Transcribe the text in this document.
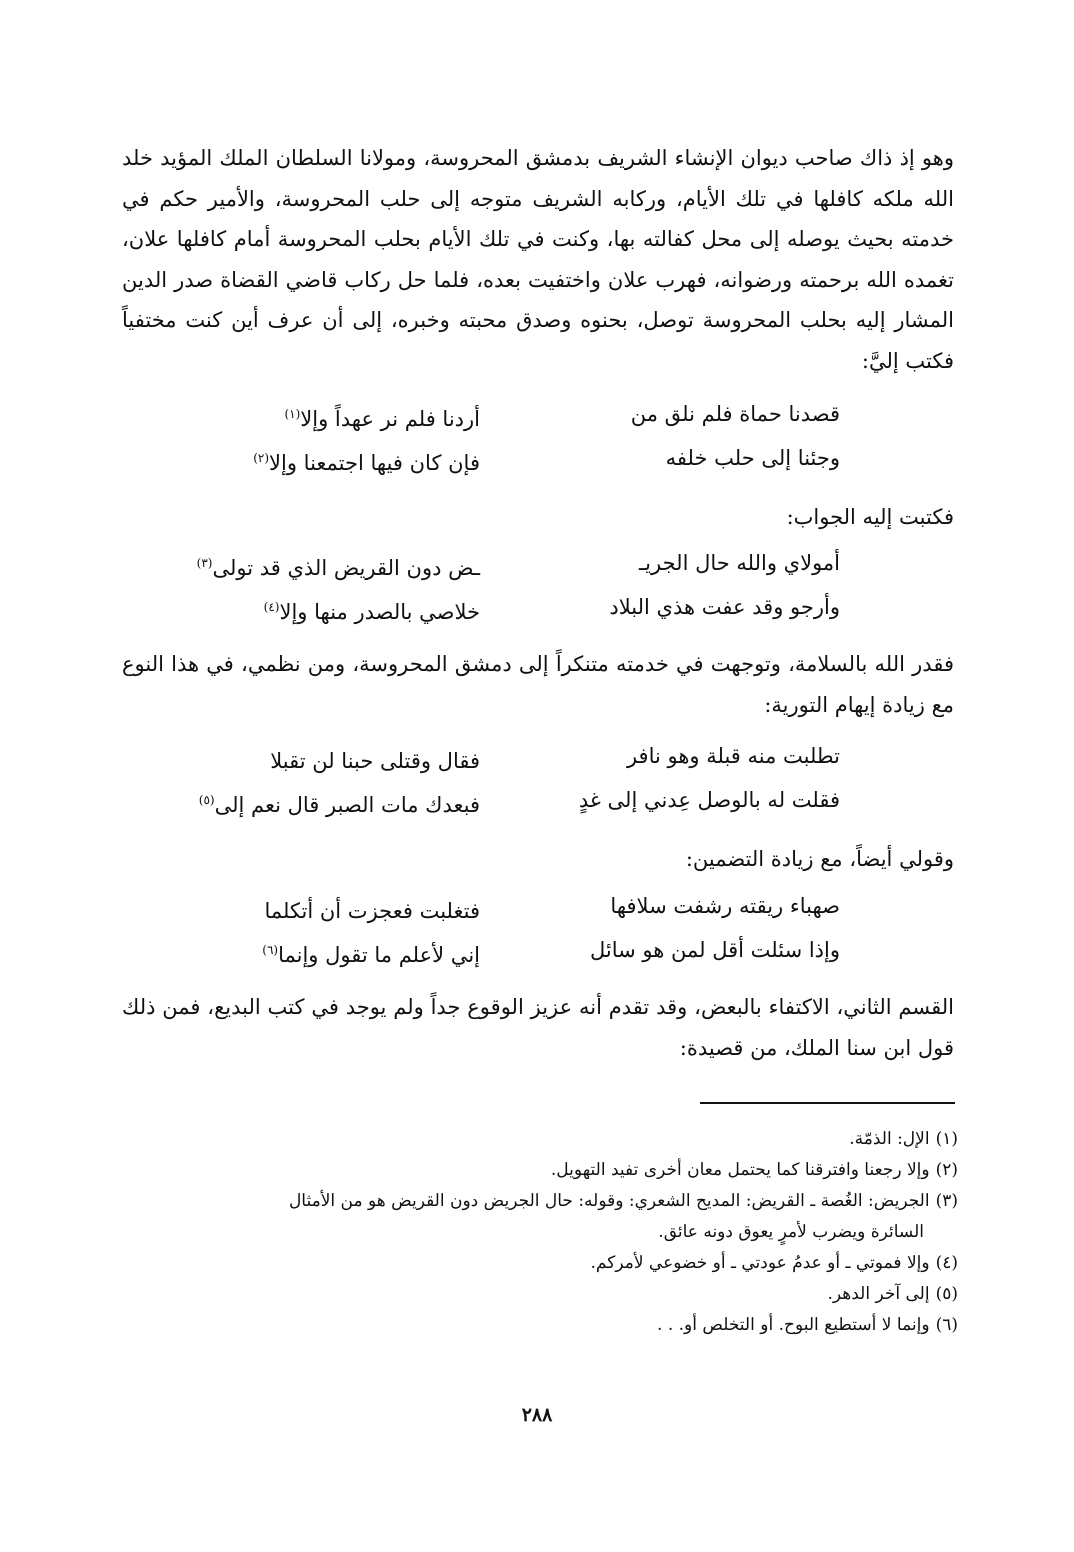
وهو إذ ذاك صاحب ديوان الإنشاء الشريف بدمشق المحروسة، ومولانا السلطان الملك المؤيد خلد الله ملكه كافلها في تلك الأيام، وركابه الشريف متوجه إلى حلب المحروسة، والأمير حكم في خدمته بحيث يوصله إلى محل كفالته بها، وكنت في تلك الأيام بحلب المحروسة أمام كافلها علان، تغمده الله برحمته ورضوانه، فهرب علان واختفيت بعده، فلما حل ركاب قاضي القضاة صدر الدين المشار إليه بحلب المحروسة توصل، بحنوه وصدق محبته وخبره، إلى أن عرف أين كنت مختفياً فكتب إليَّ:
قصدنا حماة فلم نلق من
أردنا فلم نر عهداً وإلا$^{(١)}$
وجئنا إلى حلب خلفه
فإن كان فيها اجتمعنا وإلا$^{(٢)}$
فكتبت إليه الجواب:
أمولاي والله حال الجريـ
ـض دون القريض الذي قد تولى$^{(٣)}$
وأرجو وقد عفت هذي البلاد
خلاصي بالصدر منها وإلا$^{(٤)}$
فقدر الله بالسلامة، وتوجهت في خدمته متنكراً إلى دمشق المحروسة، ومن نظمي، في هذا النوع مع زيادة إيهام التورية:
تطلبت منه قبلة وهو نافر
فقال وقتلى حبنا لن تقبلا
فقلت له بالوصل عِدني إلى غدٍ
فبعدك مات الصبر قال نعم إلى$^{(٥)}$
وقولي أيضاً، مع زيادة التضمين:
صهباء ريقته رشفت سلافها
فتغلبت فعجزت أن أتكلما
وإذا سئلت أقل لمن هو سائل
إني لأعلم ما تقول وإنما$^{(٦)}$
القسم الثاني، الاكتفاء بالبعض، وقد تقدم أنه عزيز الوقوع جداً ولم يوجد في كتب البديع، فمن ذلك قول ابن سنا الملك، من قصيدة:
(١)الإل: الذمّة.
(٢)وإلا رجعنا وافترقنا كما يحتمل معان أخرى تفيد التهويل.
(٣)الجريض: الغُصة ـ القريض: المديح الشعري: وقوله: حال الجريض دون القريض هو من الأمثال
السائرة ويضرب لأمرٍ يعوق دونه عائق.
(٤)وإلا فموتي ـ أو عدمُ عودتي ـ أو خضوعي لأمركم.
(٥)إلى آخر الدهر.
(٦)وإنما لا أستطيع البوح. أو التخلص أو. . .
٢٨٨
